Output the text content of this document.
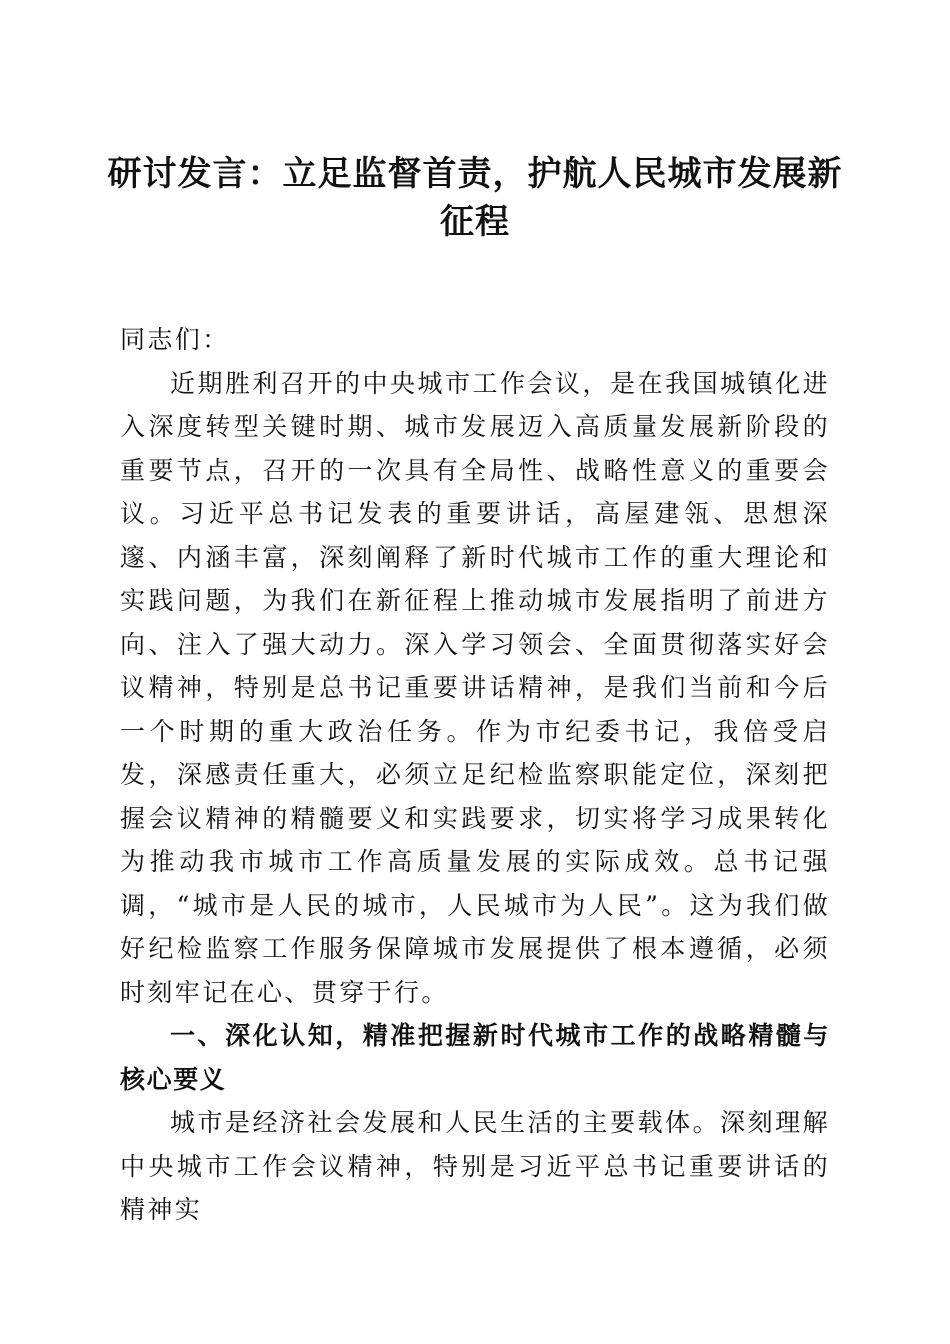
研讨发言：立足监督首责，护航人民城市发展新征程

同志们：

近期胜利召开的中央城市工作会议，是在我国城镇化进入深度转型关键时期、城市发展迈入高质量发展新阶段的重要节点，召开的一次具有全局性、战略性意义的重要会议。习近平总书记发表的重要讲话，高屋建瓴、思想深邃、内涵丰富，深刻阐释了新时代城市工作的重大理论和实践问题，为我们在新征程上推动城市发展指明了前进方向、注入了强大动力。深入学习领会、全面贯彻落实好会议精神，特别是总书记重要讲话精神，是我们当前和今后一个时期的重大政治任务。作为市纪委书记，我倍受启发，深感责任重大，必须立足纪检监察职能定位，深刻把握会议精神的精髓要义和实践要求，切实将学习成果转化为推动我市城市工作高质量发展的实际成效。总书记强调，“城市是人民的城市，人民城市为人民”。这为我们做好纪检监察工作服务保障城市发展提供了根本遵循，必须时刻牢记在心、贯穿于行。

一、深化认知，精准把握新时代城市工作的战略精髓与核心要义

城市是经济社会发展和人民生活的主要载体。深刻理解中央城市工作会议精神，特别是习近平总书记重要讲话的精神实
